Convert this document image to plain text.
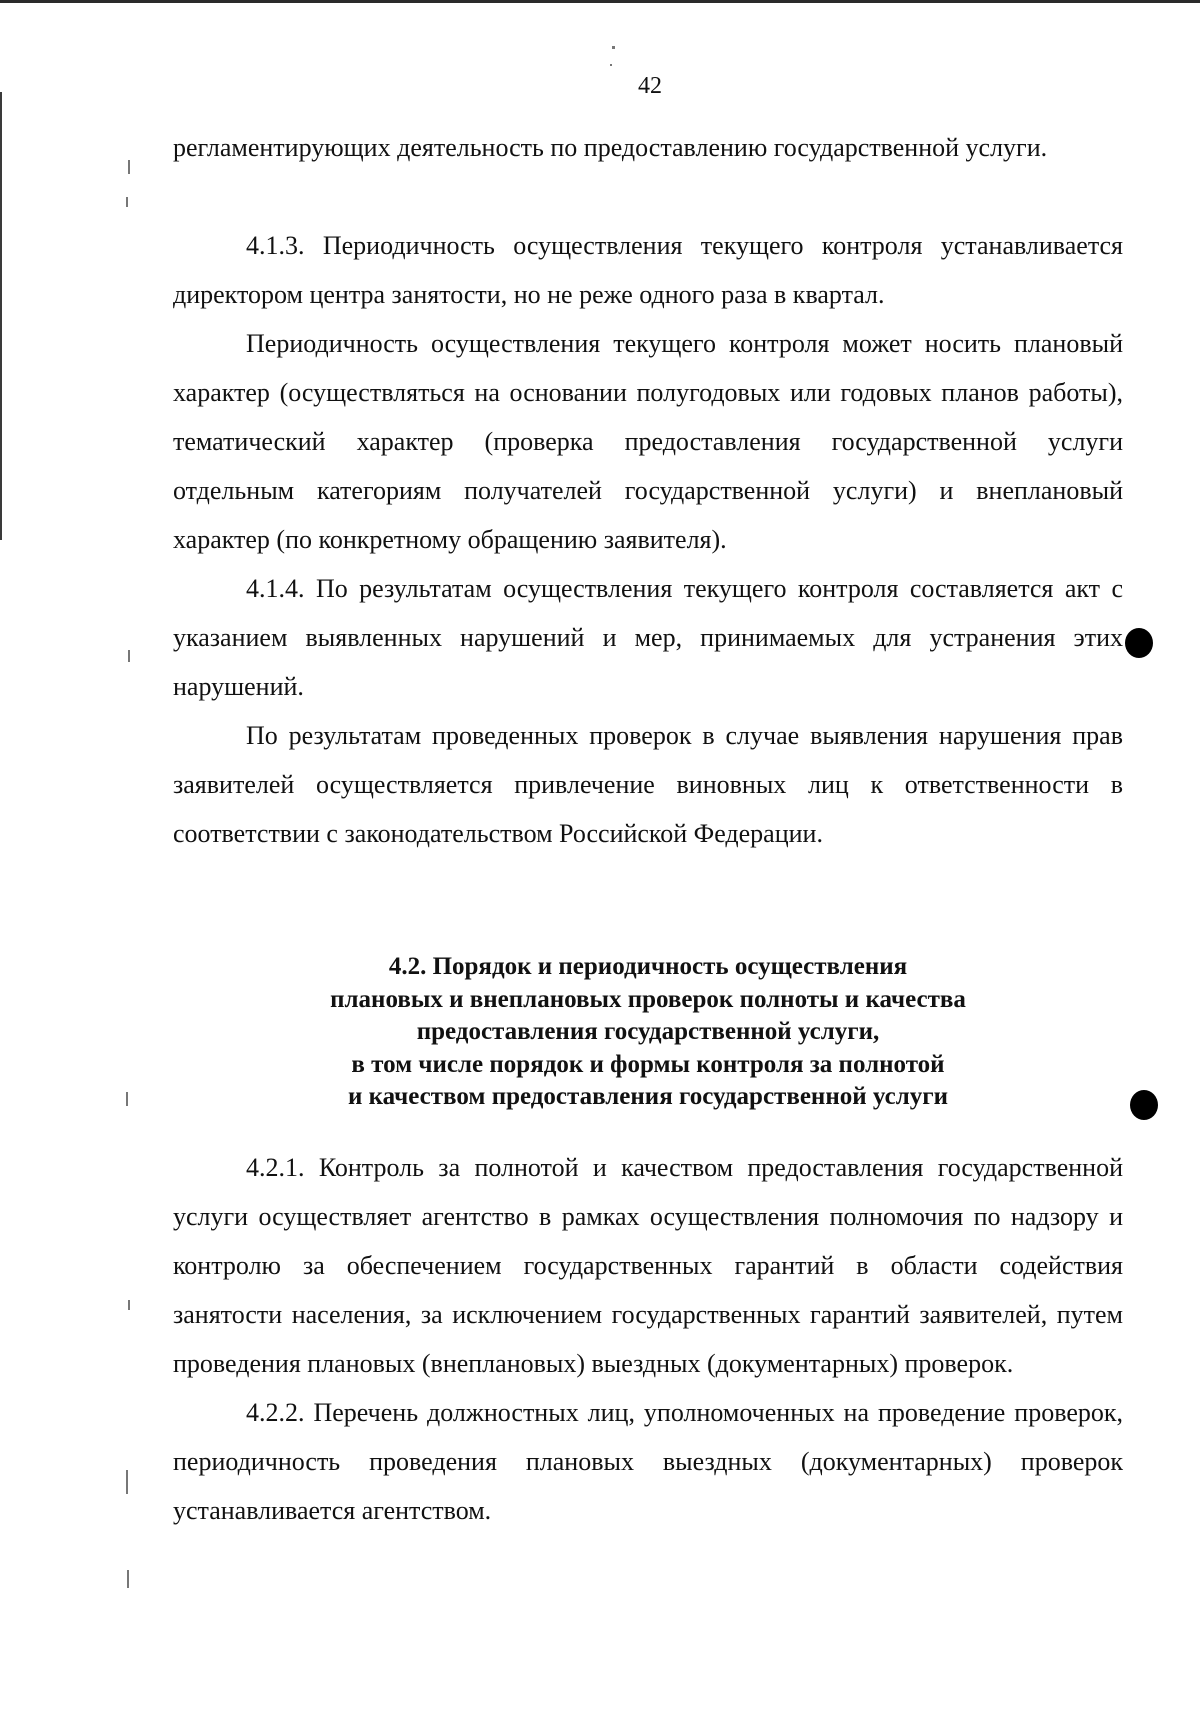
42

регламентирующих деятельность по предоставлению государственной услуги.

4.1.3. Периодичность осуществления текущего контроля устанавливается директором центра занятости, но не реже одного раза в квартал.

Периодичность осуществления текущего контроля может носить плановый характер (осуществляться на основании полугодовых или годовых планов работы), тематический характер (проверка предоставления государственной услуги отдельным категориям получателей государственной услуги) и внеплановый характер (по конкретному обращению заявителя).

4.1.4. По результатам осуществления текущего контроля составляется акт с указанием выявленных нарушений и мер, принимаемых для устранения этих нарушений.

По результатам проведенных проверок в случае выявления нарушения прав заявителей осуществляется привлечение виновных лиц к ответственности в соответствии с законодательством Российской Федерации.

4.2. Порядок и периодичность осуществления
плановых и внеплановых проверок полноты и качества
предоставления государственной услуги,
в том числе порядок и формы контроля за полнотой
и качеством предоставления государственной услуги

4.2.1. Контроль за полнотой и качеством предоставления государственной услуги осуществляет агентство в рамках осуществления полномочия по надзору и контролю за обеспечением государственных гарантий в области содействия занятости населения, за исключением государственных гарантий заявителей, путем проведения плановых (внеплановых) выездных (документарных) проверок.

4.2.2. Перечень должностных лиц, уполномоченных на проведение проверок, периодичность проведения плановых выездных (документарных) проверок устанавливается агентством.
